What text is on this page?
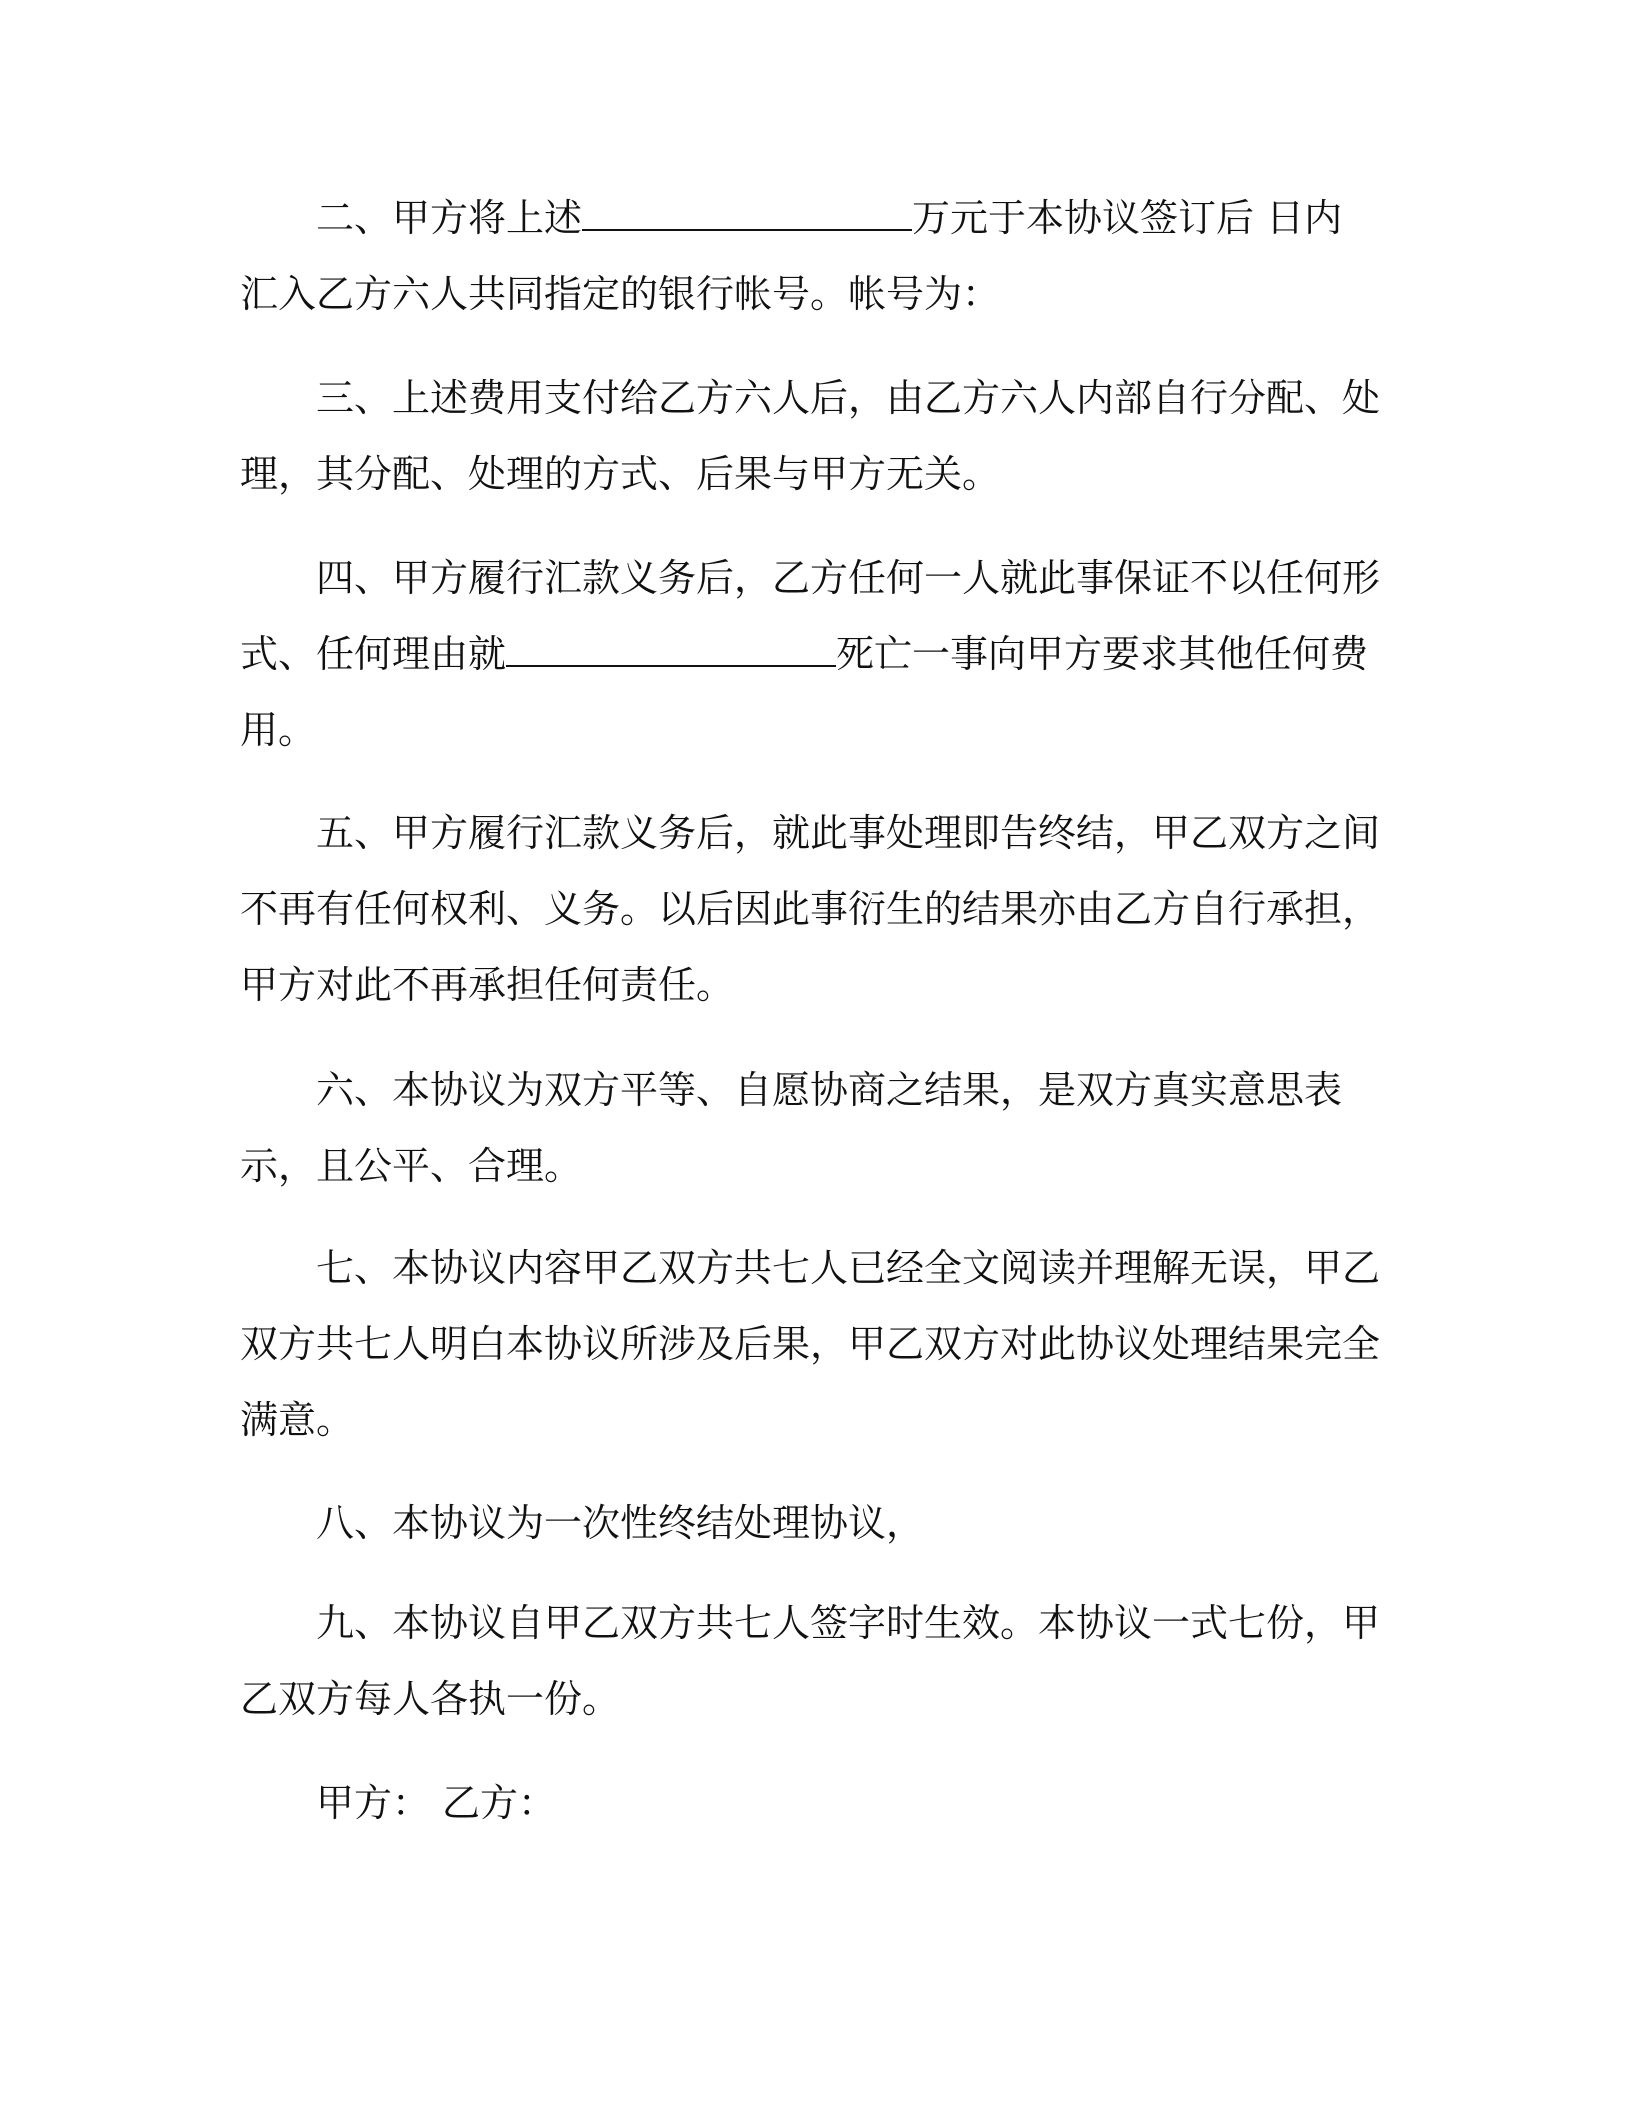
二、甲方将上述	万元于本协议签订后 日内汇入乙方六人共同指定的银行帐号。帐号为：

三、上述费用支付给乙方六人后，由乙方六人内部自行分配、处理，其分配、处理的方式、后果与甲方无关。

四、甲方履行汇款义务后，乙方任何一人就此事保证不以任何形式、任何理由就	死亡一事向甲方要求其他任何费用。

五、甲方履行汇款义务后，就此事处理即告终结，甲乙双方之间不再有任何权利、义务。以后因此事衍生的结果亦由乙方自行承担，甲方对此不再承担任何责任。

六、本协议为双方平等、自愿协商之结果，是双方真实意思表示，且公平、合理。

七、本协议内容甲乙双方共七人已经全文阅读并理解无误，甲乙双方共七人明白本协议所涉及后果，甲乙双方对此协议处理结果完全满意。

八、本协议为一次性终结处理协议，

九、本协议自甲乙双方共七人签字时生效。本协议一式七份，甲乙双方每人各执一份。

甲方： 乙方：
